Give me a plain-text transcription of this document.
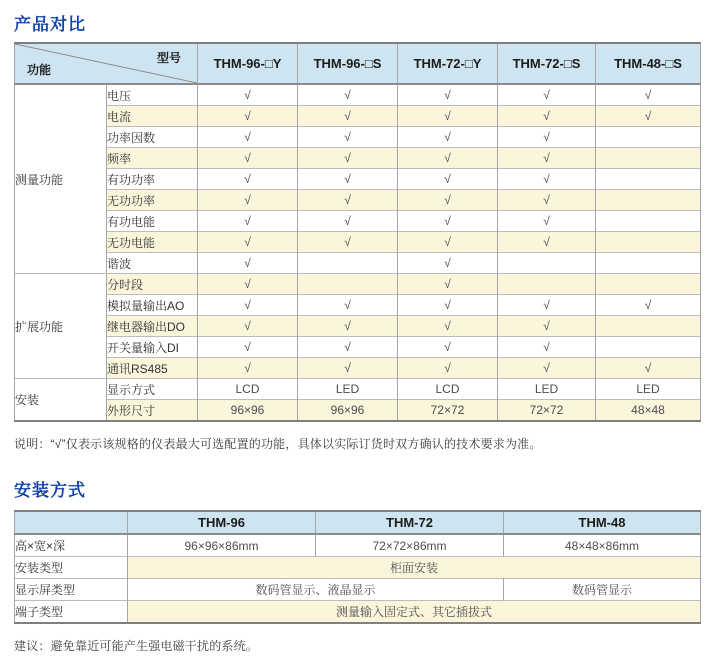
产品对比
型号
功能		THM-96-□Y	THM-96-□S	THM-72-□Y	THM-72-□S	THM-48-□S
测量功能	电压	√	√	√	√	√
	电流	√	√	√	√	√
	功率因数	√	√	√	√	
	频率	√	√	√	√	
	有功功率	√	√	√	√	
	无功功率	√	√	√	√	
	有功电能	√	√	√	√	
	无功电能	√	√	√	√	
	谐波	√		√		
扩展功能	分时段	√		√		
	模拟量输出AO	√	√	√	√	√
	继电器输出DO	√	√	√	√	
	开关量输入DI	√	√	√	√	
	通讯RS485	√	√	√	√	√
安装	显示方式	LCD	LED	LCD	LED	LED
	外形尺寸	96×96	96×96	72×72	72×72	48×48

说明：“√”仅表示该规格的仪表最大可选配置的功能，具体以实际订货时双方确认的技术要求为准。

安装方式
	THM-96	THM-72	THM-48
高×宽×深	96×96×86mm	72×72×86mm	48×48×86mm
安装类型	柜面安装		
显示屏类型	数码管显示、液晶显示		数码管显示
端子类型	测量输入固定式、其它插拔式		

建议：避免靠近可能产生强电磁干扰的系统。
